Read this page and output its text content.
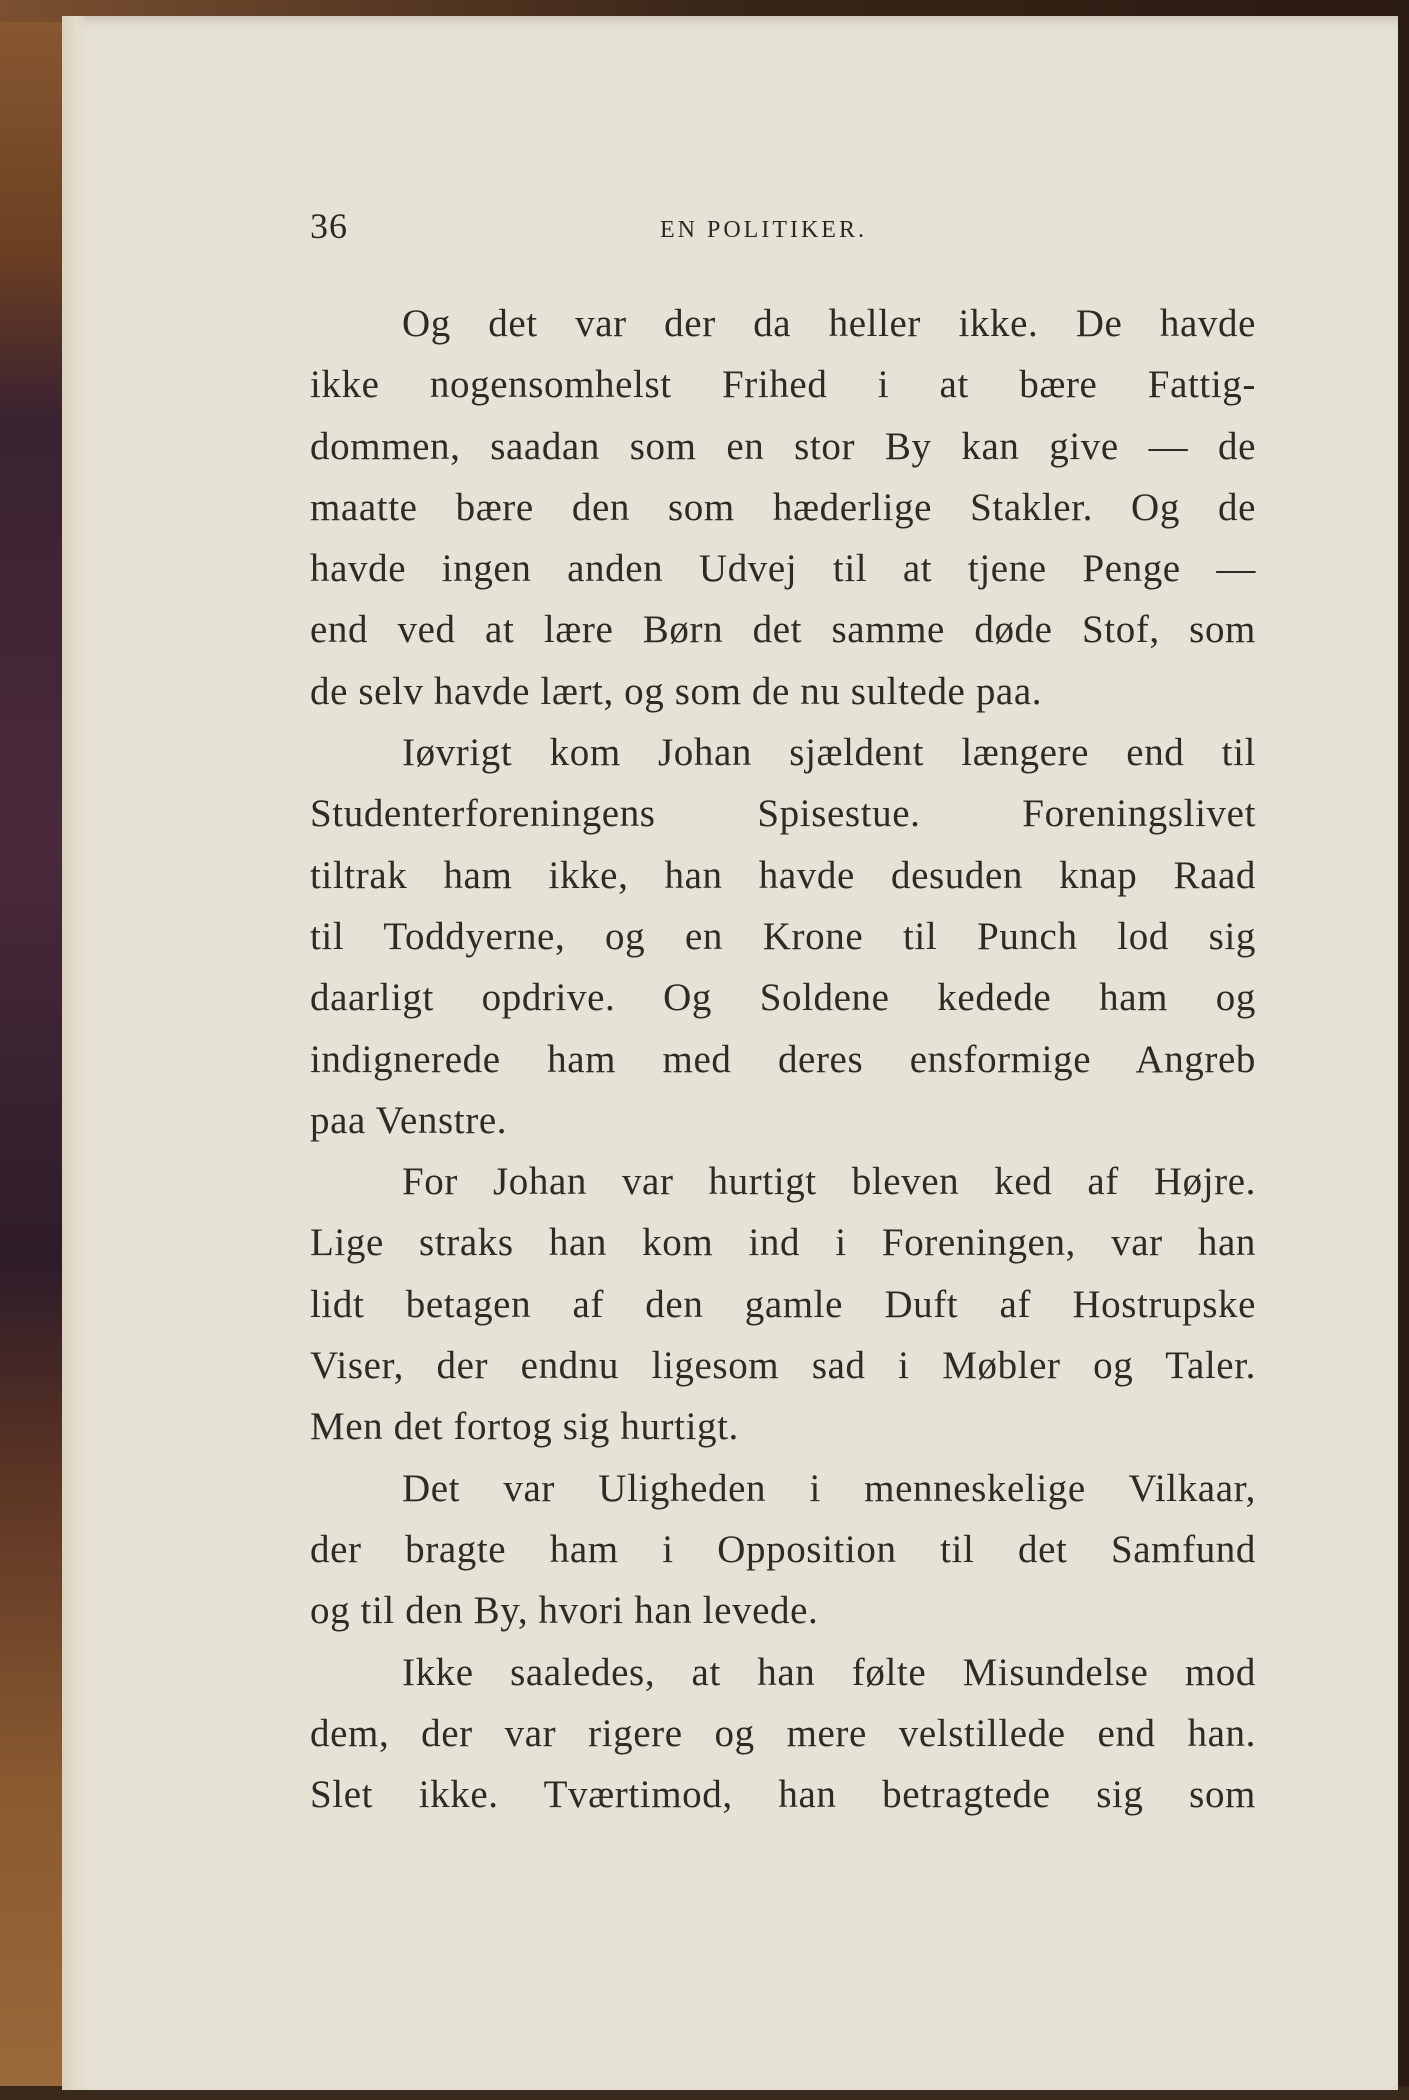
36	EN POLITIKER.
Og det var der da heller ikke. De havde
ikke nogensomhelst Frihed i at bære Fattig-
dommen, saadan som en stor By kan give — de
maatte bære den som hæderlige Stakler. Og de
havde ingen anden Udvej til at tjene Penge —
end ved at lære Børn det samme døde Stof, som
de selv havde lært, og som de nu sultede paa.
Iøvrigt kom Johan sjældent længere end til
Studenterforeningens Spisestue. Foreningslivet
tiltrak ham ikke, han havde desuden knap Raad
til Toddyerne, og en Krone til Punch lod sig
daarligt opdrive. Og Soldene kedede ham og
indignerede ham med deres ensformige Angreb
paa Venstre.
For Johan var hurtigt bleven ked af Højre.
Lige straks han kom ind i Foreningen, var han
lidt betagen af den gamle Duft af Hostrupske
Viser, der endnu ligesom sad i Møbler og Taler.
Men det fortog sig hurtigt.
Det var Uligheden i menneskelige Vilkaar,
der bragte ham i Opposition til det Samfund
og til den By, hvori han levede.
Ikke saaledes, at han følte Misundelse mod
dem, der var rigere og mere velstillede end han.
Slet ikke. Tværtimod, han betragtede sig som
